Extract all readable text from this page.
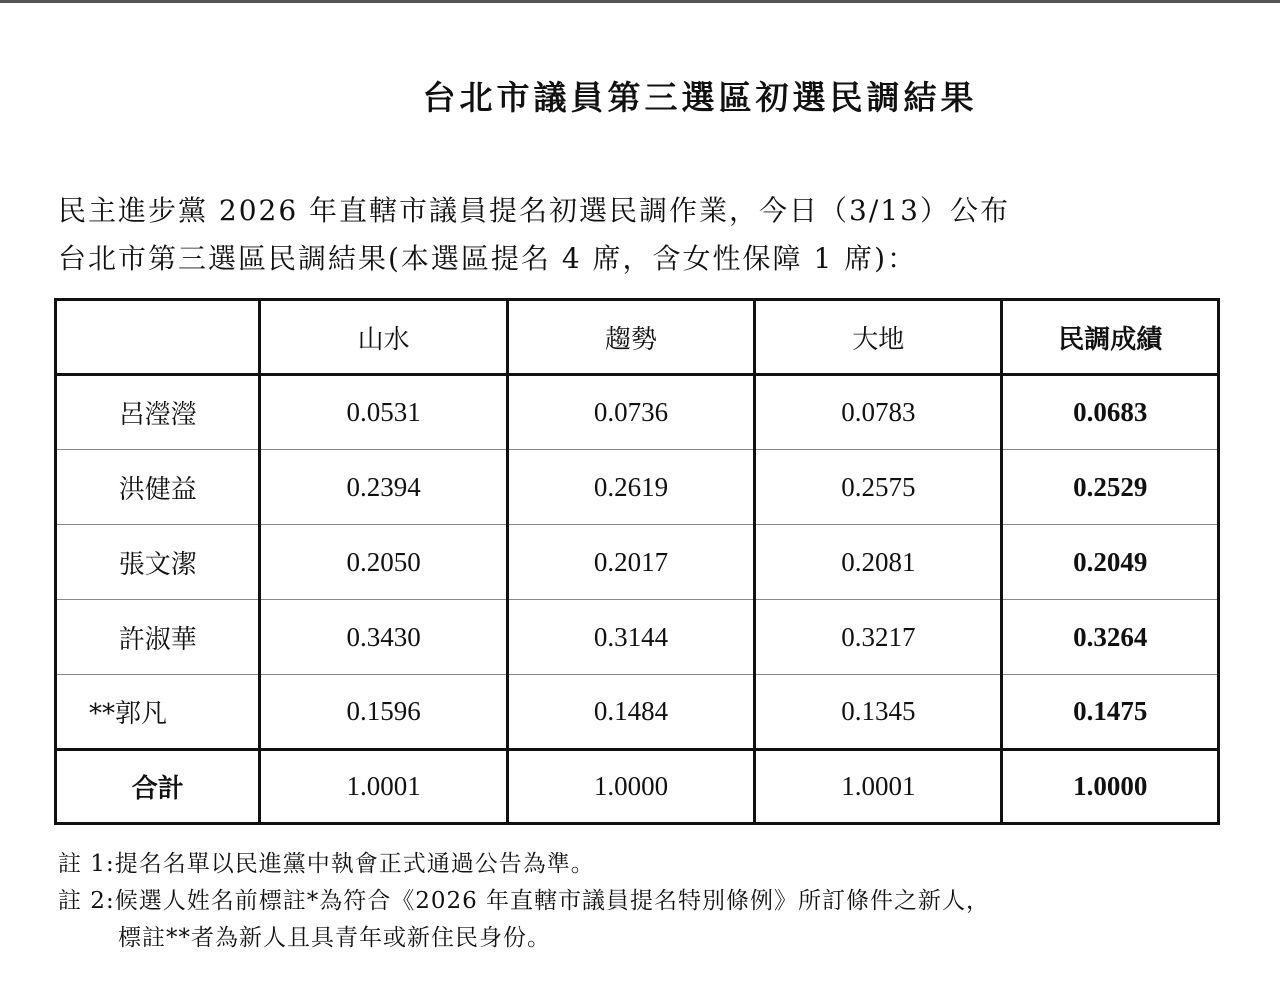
台北市議員第三選區初選民調結果
民主進步黨 2026 年直轄市議員提名初選民調作業，今日（3/13）公布
台北市第三選區民調結果(本選區提名 4 席，含女性保障 1 席)：
	山水	趨勢	大地	民調成績
呂瀅瀅	0.0531	0.0736	0.0783	0.0683
洪健益	0.2394	0.2619	0.2575	0.2529
張文潔	0.2050	0.2017	0.2081	0.2049
許淑華	0.3430	0.3144	0.3217	0.3264
**郭凡	0.1596	0.1484	0.1345	0.1475
合計	1.0001	1.0000	1.0001	1.0000
註 1:提名名單以民進黨中執會正式通過公告為準。
註 2:候選人姓名前標註*為符合《2026 年直轄市議員提名特別條例》所訂條件之新人，
標註**者為新人且具青年或新住民身份。
